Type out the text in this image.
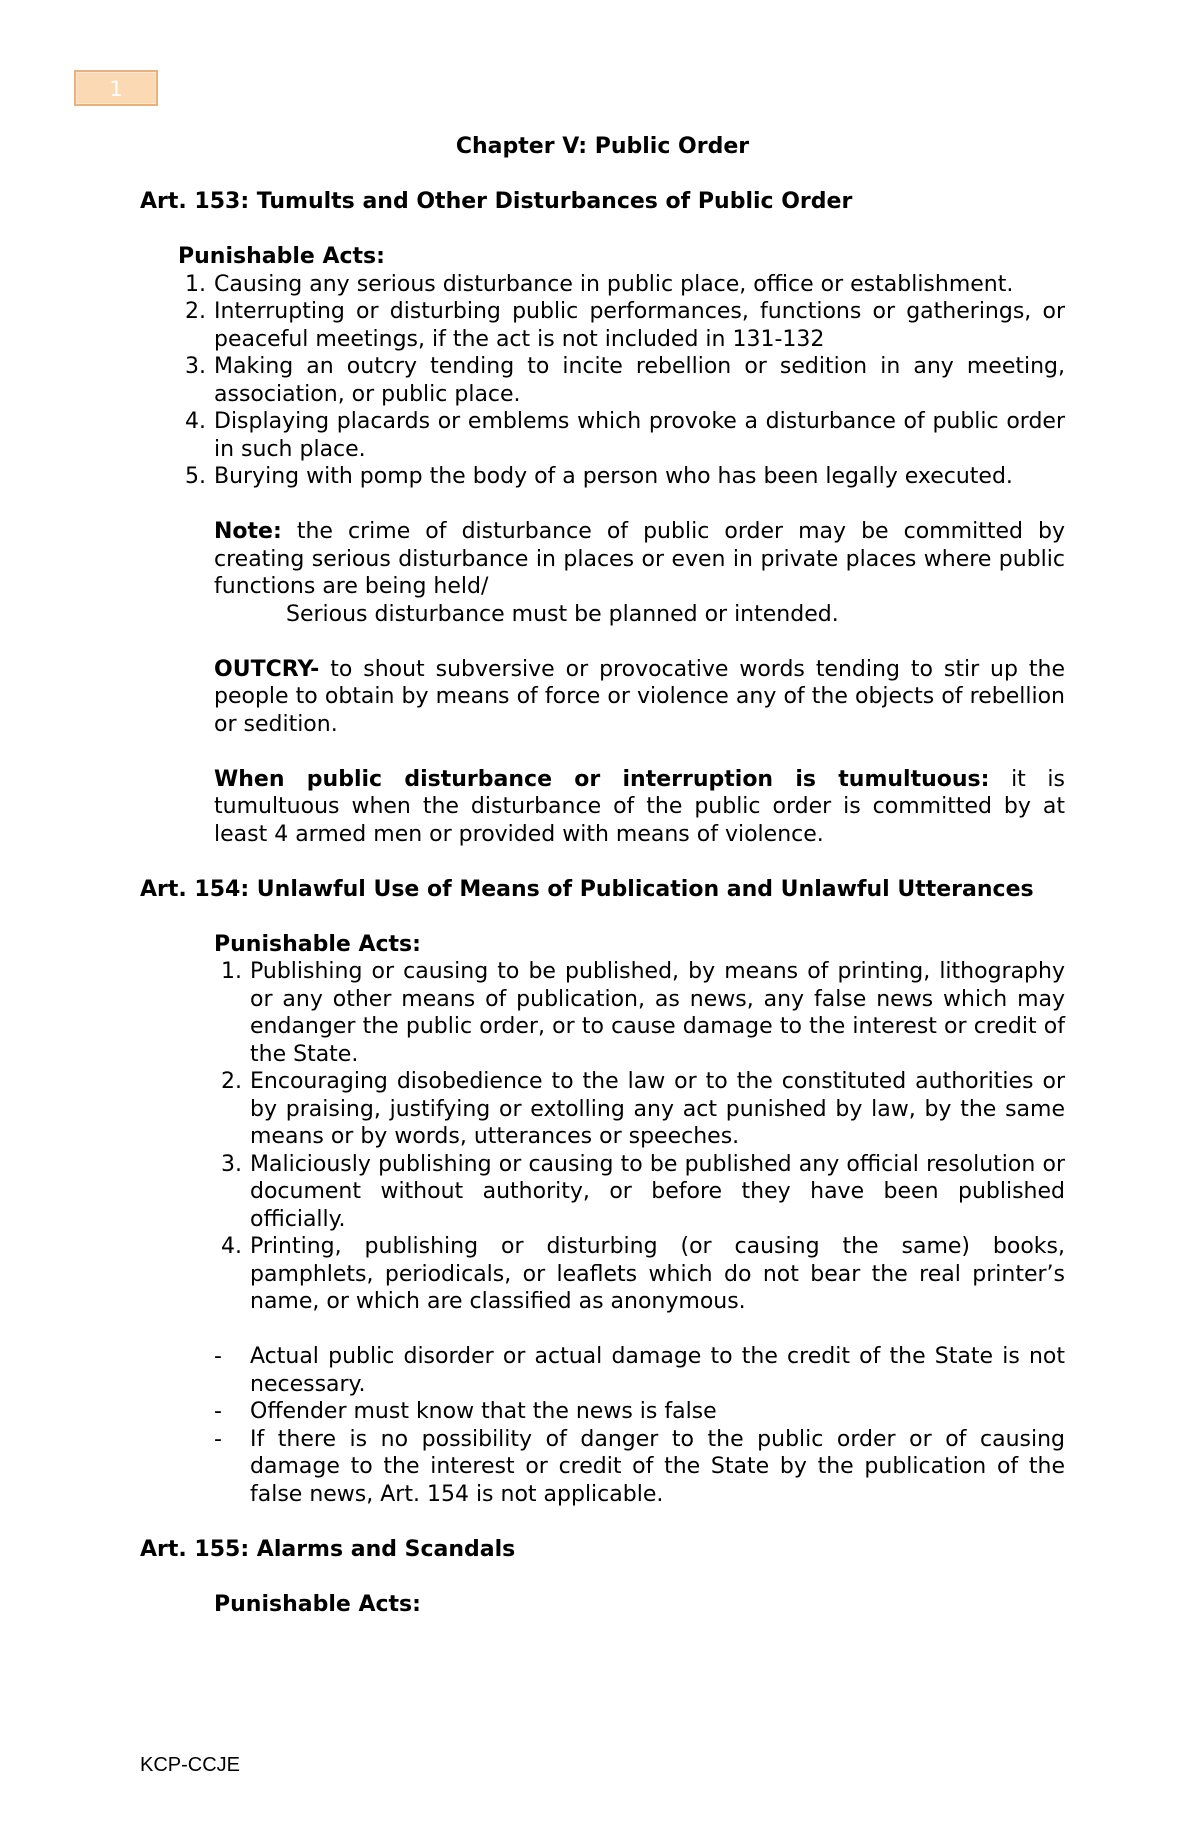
1

Chapter V: Public Order

Art. 153: Tumults and Other Disturbances of Public Order

Punishable Acts:

1. Causing any serious disturbance in public place, office or establishment.
2. Interrupting or disturbing public performances, functions or gatherings, or peaceful meetings, if the act is not included in 131-132
3. Making an outcry tending to incite rebellion or sedition in any meeting, association, or public place.
4. Displaying placards or emblems which provoke a disturbance of public order in such place.
5. Burying with pomp the body of a person who has been legally executed.

Note: the crime of disturbance of public order may be committed by creating serious disturbance in places or even in private places where public functions are being held/

Serious disturbance must be planned or intended.

OUTCRY- to shout subversive or provocative words tending to stir up the people to obtain by means of force or violence any of the objects of rebellion or sedition.

When public disturbance or interruption is tumultuous: it is tumultuous when the disturbance of the public order is committed by at least 4 armed men or provided with means of violence.

Art. 154: Unlawful Use of Means of Publication and Unlawful Utterances

Punishable Acts:

1. Publishing or causing to be published, by means of printing, lithography or any other means of publication, as news, any false news which may endanger the public order, or to cause damage to the interest or credit of the State.
2. Encouraging disobedience to the law or to the constituted authorities or by praising, justifying or extolling any act punished by law, by the same means or by words, utterances or speeches.
3. Maliciously publishing or causing to be published any official resolution or document without authority, or before they have been published officially.
4. Printing, publishing or disturbing (or causing the same) books, pamphlets, periodicals, or leaflets which do not bear the real printer’s name, or which are classified as anonymous.
-	Actual public disorder or actual damage to the credit of the State is not necessary.
-	Offender must know that the news is false
-	If there is no possibility of danger to the public order or of causing damage to the interest or credit of the State by the publication of the false news, Art. 154 is not applicable.

Art. 155: Alarms and Scandals

Punishable Acts:

KCP-CCJE
